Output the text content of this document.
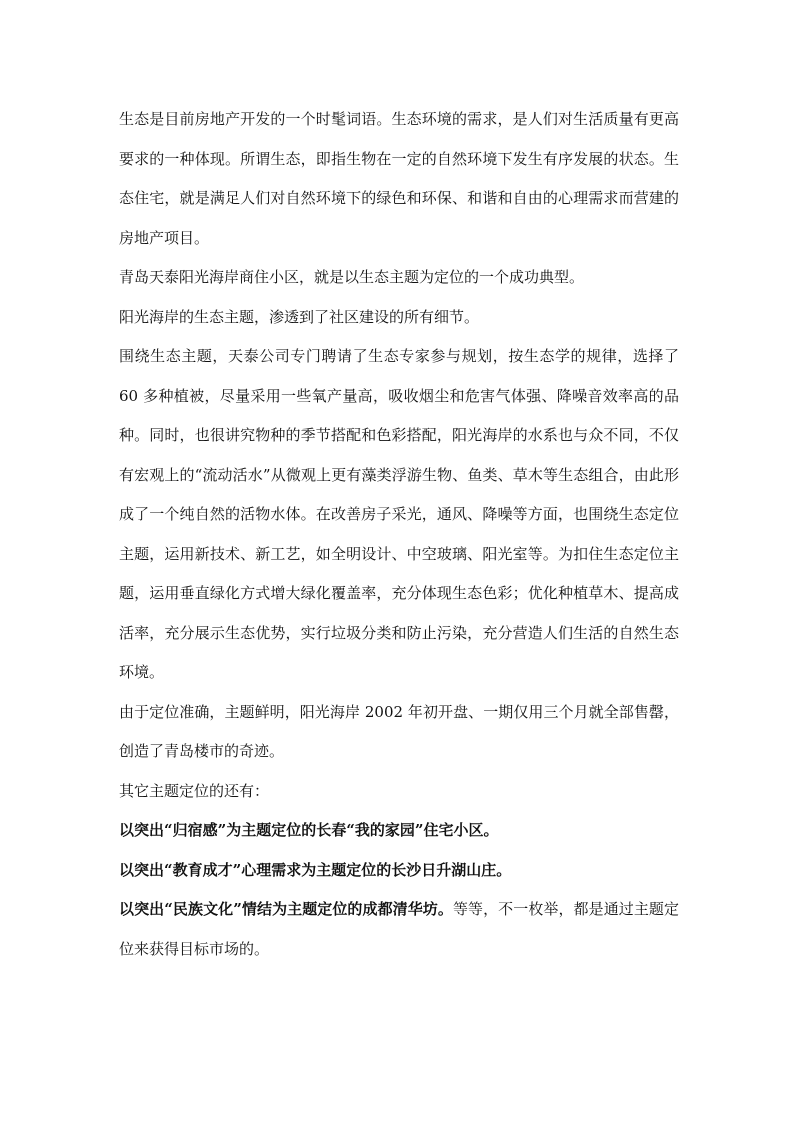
生态是目前房地产开发的一个时髦词语。生态环境的需求，是人们对生活质量有更高要求的一种体现。所谓生态，即指生物在一定的自然环境下发生有序发展的状态。生态住宅，就是满足人们对自然环境下的绿色和环保、和谐和自由的心理需求而营建的房地产项目。

青岛天泰阳光海岸商住小区，就是以生态主题为定位的一个成功典型。

阳光海岸的生态主题，渗透到了社区建设的所有细节。

围绕生态主题，天泰公司专门聘请了生态专家参与规划，按生态学的规律，选择了 60 多种植被，尽量采用一些氧产量高，吸收烟尘和危害气体强、降噪音效率高的品种。同时，也很讲究物种的季节搭配和色彩搭配，阳光海岸的水系也与众不同，不仅有宏观上的“流动活水”从微观上更有藻类浮游生物、鱼类、草木等生态组合，由此形成了一个纯自然的活物水体。在改善房子采光，通风、降噪等方面，也围绕生态定位主题，运用新技术、新工艺，如全明设计、中空玻璃、阳光室等。为扣住生态定位主题，运用垂直绿化方式增大绿化覆盖率，充分体现生态色彩；优化种植草木、提高成活率，充分展示生态优势，实行垃圾分类和防止污染，充分营造人们生活的自然生态环境。

由于定位准确，主题鲜明，阳光海岸 2002 年初开盘、一期仅用三个月就全部售罄，创造了青岛楼市的奇迹。

其它主题定位的还有：

以突出“归宿感”为主题定位的长春“我的家园”住宅小区。

以突出“教育成才”心理需求为主题定位的长沙日升湖山庄。

以突出“民族文化”情结为主题定位的成都清华坊。等等，不一枚举，都是通过主题定位来获得目标市场的。
